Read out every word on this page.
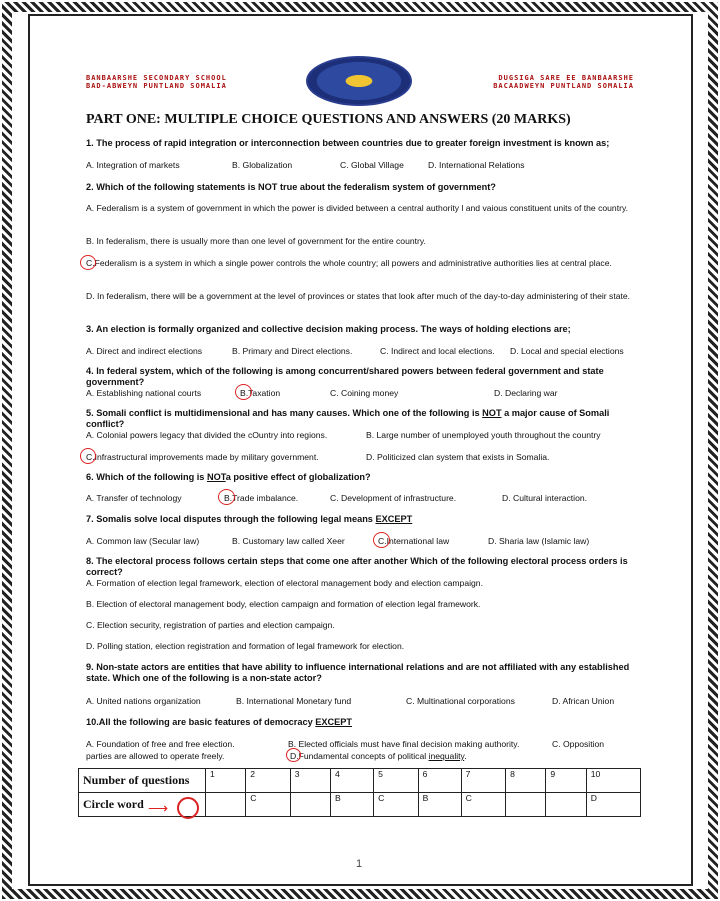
BANBAARSHE SECONDARY SCHOOL
BAD-ABWEYN PUNTLAND SOMALIA
DUGSIGA SARE EE BANBAARSHE
BACAADWEYN PUNTLAND SOMALIA
PART ONE: MULTIPLE CHOICE QUESTIONS AND ANSWERS (20 MARKS)
1. The process of rapid integration or interconnection between countries due to greater foreign investment is known as;
A. Integration of markets	B. Globalization	C. Global Village	D. International Relations
2. Which of the following statements is NOT true about the federalism system of government?
A. Federalism is a system of government in which the power is divided between a central authority l and vaious constituent units of the country.
B. In federalism, there is usually more than one level of government for the entire country.
C.Federalism is a system in which a single power controls the whole country; all powers and administrative authorities lies at central place.
D. In federalism, there will be a government at the level of provinces or states that look after much of the day-to-day administering of their state.
3. An election is formally organized and collective decision making process. The ways of holding elections are;
A. Direct and indirect elections	B. Primary and Direct elections.	C. Indirect and local elections. D. Local and special elections
4. In federal system, which of the following is among concurrent/shared powers between federal government and state government?
A. Establishing national courts	B.Taxation	C. Coining money	D. Declaring war
5. Somali conflict is multidimensional and has many causes. Which one of the following is NOT a major cause of Somali conflict?
A. Colonial powers legacy that divided the cOuntry into regions.	B. Large number of unemployed youth throughout the country
C.Infrastructural improvements made by military government.	D. Politicized clan system that exists in Somalia.
6. Which of the following is NOTa positive effect of globalization?
A. Transfer of technology	B.Trade imbalance.	C. Development of infrastructure.	D. Cultural interaction.
7. Somalis solve local disputes through the following legal means EXCEPT
A. Common law (Secular law)	B. Customary law called Xeer	C.International law	D. Sharia law (Islamic law)
8. The electoral process follows certain steps that come one after another Which of the following electoral process orders is correct?
A. Formation of election legal framework, election of electoral management body and election campaign.
B. Election of electoral management body, election campaign and formation of election legal framework.
C. Election security, registration of parties and election campaign.
D. Polling station, election registration and formation of legal framework for election.
9. Non-state actors are entities that have ability to influence international relations and are not affiliated with any established state. Which one of the following is a non-state actor?
A. United nations organization	B. International Monetary fund	C. Multinational corporations	D. African Union
10.All the following are basic features of democracy EXCEPT
A. Foundation of free and free election.	B. Elected officials must have final decision making authority.	C. Opposition
parties are allowed to operate freely.	D.Fundamental concepts of political inequality.
Number of questions	1	2	3	4	5	6	7	8	9	10
Circle word		C		B	C	B	C			D
⟶
1
